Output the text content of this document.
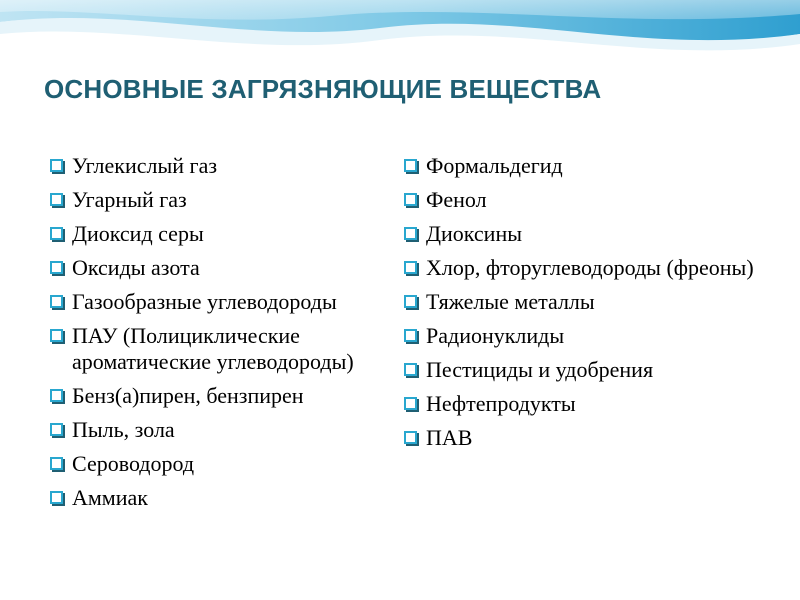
ОСНОВНЫЕ ЗАГРЯЗНЯЮЩИЕ ВЕЩЕСТВА
Углекислый газ
Угарный газ
Диоксид серы
Оксиды азота
Газообразные углеводороды
ПАУ (Полициклические ароматические углеводороды)
Бенз(а)пирен, бензпирен
Пыль, зола
Сероводород
Аммиак
Формальдегид
Фенол
Диоксины
Хлор, фторуглеводороды (фреоны)
Тяжелые металлы
Радионуклиды
Пестициды и удобрения
Нефтепродукты
ПАВ
